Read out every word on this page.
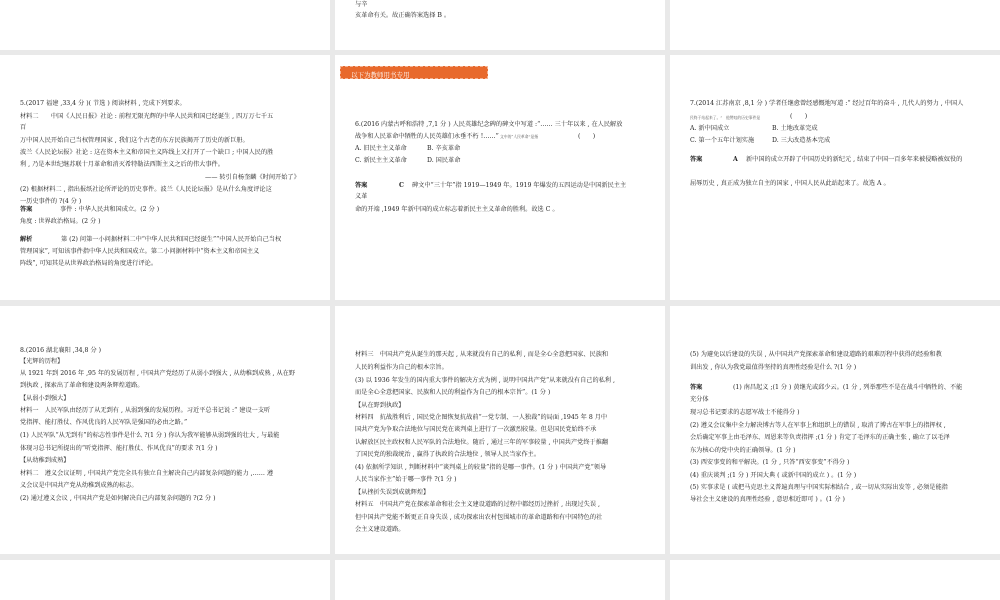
与辛
亥革命有关。故正确答案选择 B 。
以下为教师用书专用
5.(2017 福建 ,33,4 分 )( 节选 ) 阅读材料 , 完成下列要求。
材料二　　中国《人民日报》社论 : 前程无限光辉的中华人民共和国已经诞生 , 四万万七千五
百
万中国人民开始自己当权管理国家 , 我们这个古老的东方民族揭开了历史的新巨册。
波兰《人民论坛报》社论 : 这在资本主义和帝国主义阵线上又打开了一个缺口 ; 中国人民的胜
利 , 乃是本世纪继苏联十月革命和消灭希特勒法西斯主义之后的伟大事件。
—— 转引自杨奎麟《时间开始了》
(2) 根据材料二 , 指出报纸社论所评论的历史事件。波兰《人民论坛报》是从什么角度评论这
一历史事件的 ?(4 分 )
答案	事件 : 中华人民共和国成立。(2 分 )
角度 : 世界政治格局。(2 分 )
解析	第 (2) 问第一小问据材料二中“中华人民共和国已经诞生”“中国人民开始自己当权
管理国家”, 可知该事件指中华人民共和国成立。第二小问据材料中“资本主义和帝国主义
阵线”, 可知其是从世界政治格局的角度进行评论。
6.(2016 内蒙古呼和浩特 ,7,1 分 ) 人民英雄纪念碑的碑文中写道 :“…… 三十年以来 , 在人民解放
战争和人民革命中牺牲的人民英雄们永垂不朽 !……” 文中的“人民革命”是指	(　　)
A. 旧民主主义革命	B. 辛亥革命
C. 新民主主义革命	D. 国民革命
答案	C 碑文中“三十年”指 1919—1949 年。1919 年爆发的五四运动是中国新民主主
义革
命的开端 ,1949 年新中国的成立标志着新民主主义革命的胜利。故选 C 。
7.(2014 江苏南京 ,8,1 分 ) 学者任继愈曾经感慨地写道 :“ 经过百年的奋斗 , 几代人的努力 , 中国人
民终于站起来了。” 他赞叹的历史事件是	(　　)
A. 新中国成立	B. 土地改革完成
C. 第一个五年计划实施	D. 三大改造基本完成
答案	A 新中国的成立开辟了中国历史的新纪元 , 结束了中国一百多年来被侵略被奴役的
屈辱历史 , 真正成为独立自主的国家 , 中国人民从此站起来了。故选 A 。
8.(2016 湖北襄阳 ,34,8 分 )
【光辉的历程】
从 1921 年到 2016 年 ,95 年的发展历程 , 中国共产党经历了从弱小到强大 , 从幼稚到成熟 , 从在野
到执政 , 探索出了革命和建设两条辉煌道路。
【从弱小到强大】
材料一　人民军队由经历了从无到有 , 从弱到强的发展历程。习近平总书记说 :“ 建设一支听
党指挥、能打胜仗、作风优良的人民军队是强国的必由之路。”
(1) 人民军队“从无到有”的标志性事件是什么 ?(1 分 ) 你认为我军能够从弱到强的壮大 , 与最能
体现习总书记所提出的“听党指挥、能打胜仗、作风优良”的要求 ?(1 分 )
【从幼稚到成熟】
材料二　遵义会议证明 , 中国共产党完全具有独立自主解决自己内部复杂问题的能力 ,…… 遵
义会议是中国共产党从幼稚到成熟的标志。
(2) 通过遵义会议 , 中国共产党是如何解决自己内部复杂问题的 ?(2 分 )
材料三　中国共产党从诞生的那天起 , 从来就没有自己的私利 , 而是全心全意把国家、民族和
人民的利益作为自己的根本宗旨。
(3) 以 1936 年发生的国内重大事件的解决方式为例 , 说明中国共产党“从来就没有自己的私利 ,
而是全心全意把国家、民族和人民的利益作为自己的根本宗旨”。(1 分 )
【从在野到执政】
材料四　抗战胜利后 , 国民党企图恢复抗战前“一党专制、一人独裁”的局面 ,1945 年 8 月中
国共产党为争取合法地位与国民党在谈判桌上进行了一次激烈较量。但是国民党始终不承
认解放区民主政权和人民军队的合法地位。随后 , 通过三年的军事较量 , 中国共产党终于推翻
了国民党的独裁统治 , 赢得了执政的合法地位 , 领导人民当家作主。
(4) 依据所学知识 , 判断材料中“谈判桌上的较量”指的是哪一事件。(1 分 ) 中国共产党“领导
人民当家作主”始于哪一事件 ?(1 分 )
【从挫折失误到成就辉煌】
材料五　中国共产党在探索革命和社会主义建设道路的过程中都经历过挫折 , 出现过失误 ,
但中国共产党能不断更正自身失误 , 成功探索出农村包围城市的革命道路和有中国特色的社
会主义建设道路。
(5) 为避免以后建设的失误 , 从中国共产党探索革命和建设道路的艰难历程中获得的经验和教
训出发 , 你认为我党最值得坚持的真理性经验是什么 ?(1 分 )
答案	(1) 南昌起义 ;(1 分 ) 黄继光或邱少云。(1 分 , 列举那些不是在战斗中牺牲的、不能
充分体
现习总书记要求的志愿军战士不能得分 )
(2) 遵义会议集中全力解决博古等人在军事上和组织上的错误 , 取消了博古在军事上的指挥权 ,
会后确定军事上由毛泽东、周恩来等负责指挥 ;(1 分 ) 肯定了毛泽东的正确主张 , 确立了以毛泽
东为核心的党中央的正确领导。(1 分 )
(3) 西安事变的和平解决。(1 分 , 只答“西安事变”不得分 )
(4) 重庆谈判 ;(1 分 ) 开国大典 ( 或新中国的成立 ) 。(1 分 )
(5) 实事求是 ( 或把马克思主义普遍真理与中国实际相结合 , 或一切从实际出发等 , 必须是能指
导社会主义建设的真理性经验 , 意思相近即可 ) 。(1 分 )
